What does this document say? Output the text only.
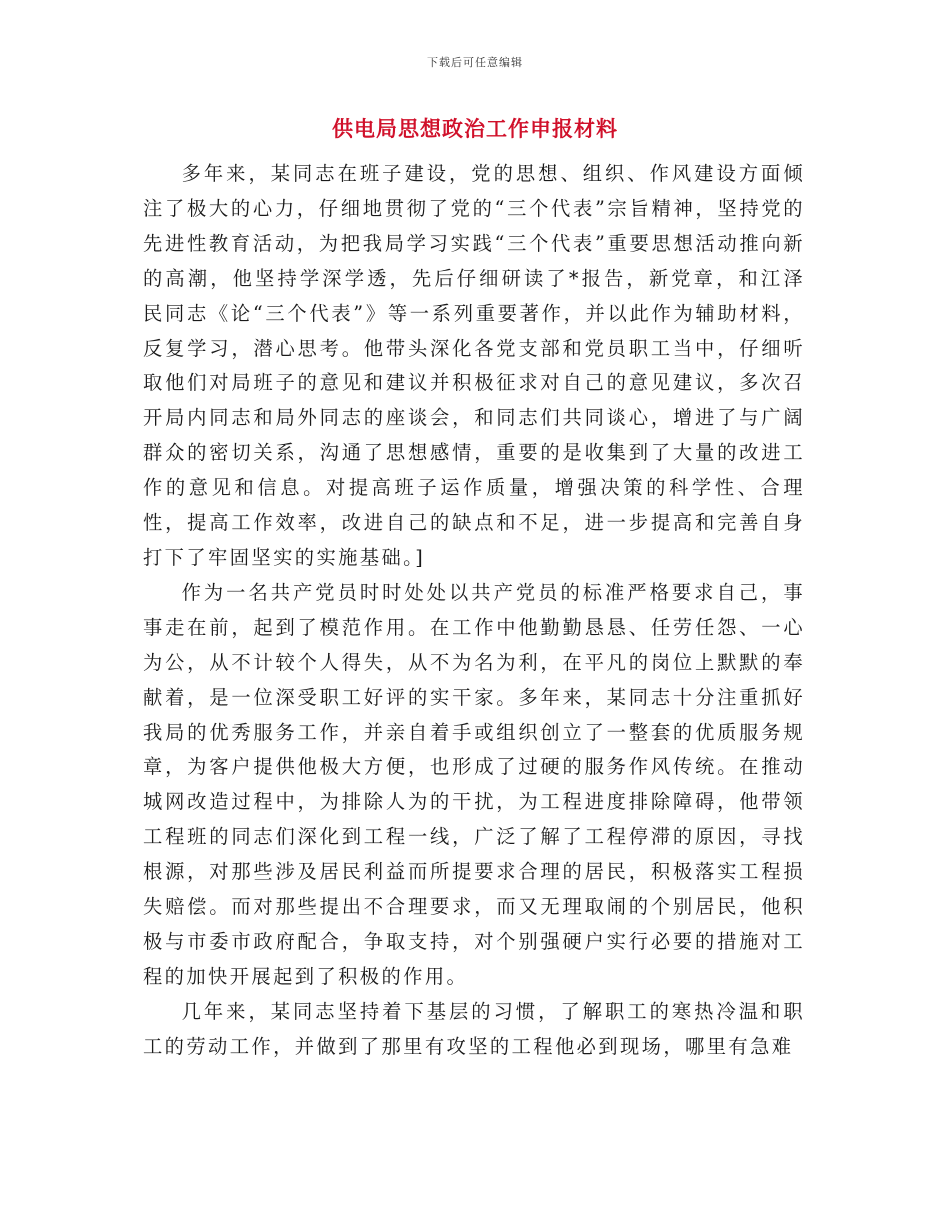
下载后可任意编辑
供电局思想政治工作申报材料

多年来，某同志在班子建设，党的思想、组织、作风建设方面倾注了极大的心力，仔细地贯彻了党的“三个代表”宗旨精神，坚持党的先进性教育活动，为把我局学习实践“三个代表”重要思想活动推向新的高潮，他坚持学深学透，先后仔细研读了*报告，新党章，和江泽民同志《论“三个代表”》等一系列重要著作，并以此作为辅助材料，反复学习，潜心思考。他带头深化各党支部和党员职工当中，仔细听取他们对局班子的意见和建议并积极征求对自己的意见建议，多次召开局内同志和局外同志的座谈会，和同志们共同谈心，增进了与广阔群众的密切关系，沟通了思想感情，重要的是收集到了大量的改进工作的意见和信息。对提高班子运作质量，增强决策的科学性、合理性，提高工作效率，改进自己的缺点和不足，进一步提高和完善自身打下了牢固坚实的实施基础。]

作为一名共产党员时时处处以共产党员的标准严格要求自己，事事走在前，起到了模范作用。在工作中他勤勤恳恳、任劳任怨、一心为公，从不计较个人得失，从不为名为利，在平凡的岗位上默默的奉献着，是一位深受职工好评的实干家。多年来，某同志十分注重抓好我局的优秀服务工作，并亲自着手或组织创立了一整套的优质服务规章，为客户提供他极大方便，也形成了过硬的服务作风传统。在推动城网改造过程中，为排除人为的干扰，为工程进度排除障碍，他带领工程班的同志们深化到工程一线，广泛了解了工程停滞的原因，寻找根源，对那些涉及居民利益而所提要求合理的居民，积极落实工程损失赔偿。而对那些提出不合理要求，而又无理取闹的个别居民，他积极与市委市政府配合，争取支持，对个别强硬户实行必要的措施对工程的加快开展起到了积极的作用。

几年来，某同志坚持着下基层的习惯，了解职工的寒热冷温和职工的劳动工作，并做到了那里有攻坚的工程他必到现场，哪里有急难
